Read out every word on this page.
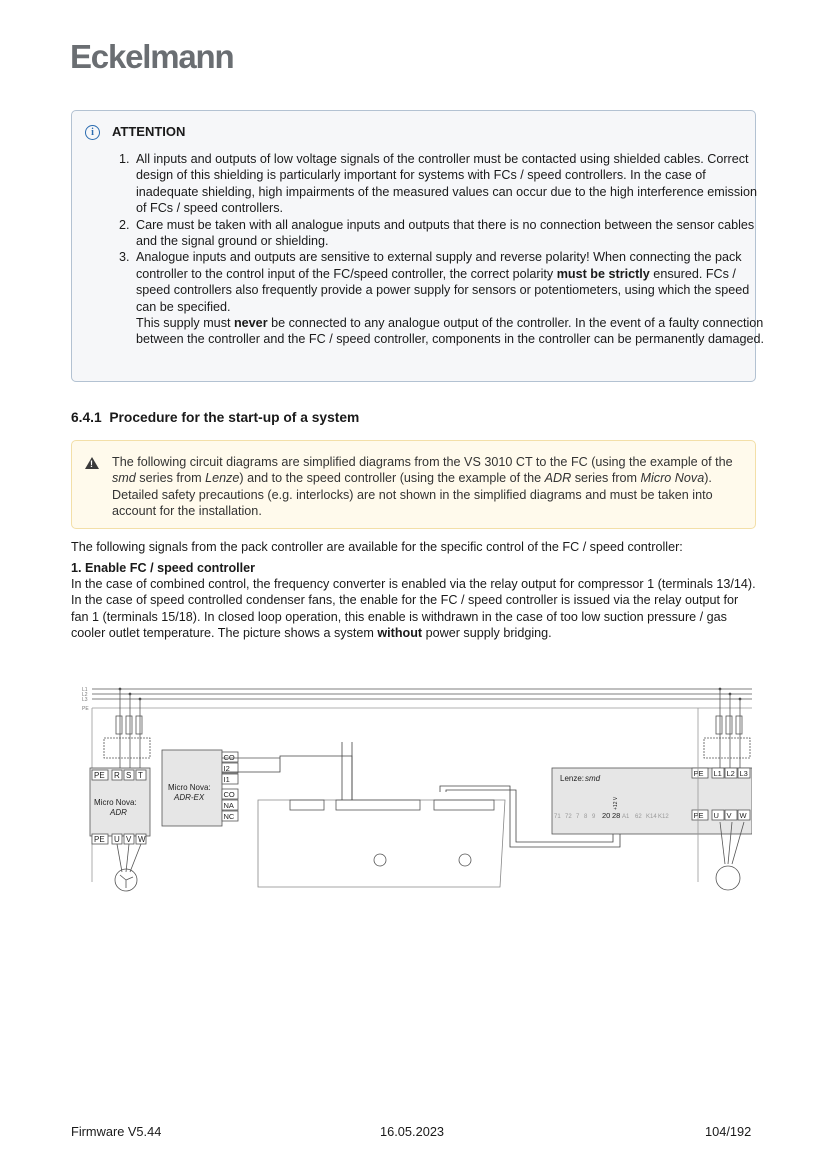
Eckelmann
i	ATTENTION
1. All inputs and outputs of low voltage signals of the controller must be contacted using shielded cables. Correct design of this shielding is particularly important for systems with FCs / speed controllers. In the case of inadequate shielding, high impairments of the measured values can occur due to the high interference emission of FCs / speed controllers.
2. Care must be taken with all analogue inputs and outputs that there is no connection between the sensor cables and the signal ground or shielding.
3. Analogue inputs and outputs are sensitive to external supply and reverse polarity! When connecting the pack controller to the control input of the FC/speed controller, the correct polarity must be strictly ensured. FCs / speed controllers also frequently provide a power supply for sensors or potentiometers, using which the speed can be specified.
This supply must never be connected to any analogue output of the controller. In the event of a faulty connection between the controller and the FC / speed controller, components in the controller can be permanently damaged.
6.4.1 Procedure for the start-up of a system
! The following circuit diagrams are simplified diagrams from the VS 3010 CT to the FC (using the example of the smd series from Lenze) and to the speed controller (using the example of the ADR series from Micro Nova). Detailed safety precautions (e.g. interlocks) are not shown in the simplified diagrams and must be taken into account for the installation.
The following signals from the pack controller are available for the specific control of the FC / speed controller:
1. Enable FC / speed controller
In the case of combined control, the frequency converter is enabled via the relay output for compressor 1 (terminals 13/14). In the case of speed controlled condenser fans, the enable for the FC / speed controller is issued via the relay output for fan 1 (terminals 15/18). In closed loop operation, this enable is withdrawn in the case of too low suction pressure / gas cooler outlet temperature. The picture shows a system without power supply bridging.
L1
L2
L3
PE
PE R S T
Micro Nova:
ADR
PE U V W
Micro Nova:
ADR-EX
CO
I2
I1
CO
NA
NC
Lenze: smd
+12 V
71 72 7 8 9 20 28 A1 62 K14 K12
PE L1 L2 L3
PE U V W
Firmware V5.44	16.05.2023	104/192
